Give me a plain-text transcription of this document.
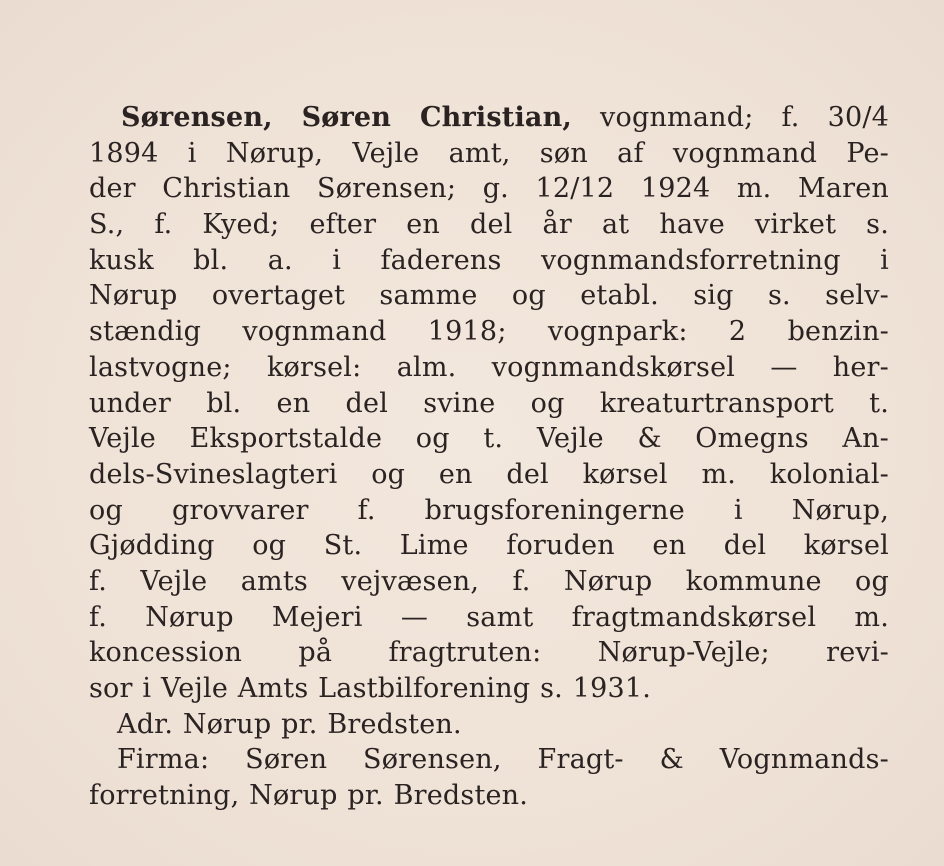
Sørensen, Søren Christian, vognmand; f. 30/4
1894 i Nørup, Vejle amt, søn af vognmand Pe-
der Christian Sørensen; g. 12/12 1924 m. Maren
S., f. Kyed; efter en del år at have virket s.
kusk bl. a. i faderens vognmandsforretning i
Nørup overtaget samme og etabl. sig s. selv-
stændig vognmand 1918; vognpark: 2 benzin-
lastvogne; kørsel: alm. vognmandskørsel — her-
under bl. en del svine og kreaturtransport t.
Vejle Eksportstalde og t. Vejle & Omegns An-
dels-Svineslagteri og en del kørsel m. kolonial-
og grovvarer f. brugsforeningerne i Nørup,
Gjødding og St. Lime foruden en del kørsel
f. Vejle amts vejvæsen, f. Nørup kommune og
f. Nørup Mejeri — samt fragtmandskørsel m.
koncession på fragtruten: Nørup-Vejle; revi-
sor i Vejle Amts Lastbilforening s. 1931.
Adr. Nørup pr. Bredsten.
Firma: Søren Sørensen, Fragt- & Vognmands-
forretning, Nørup pr. Bredsten.
